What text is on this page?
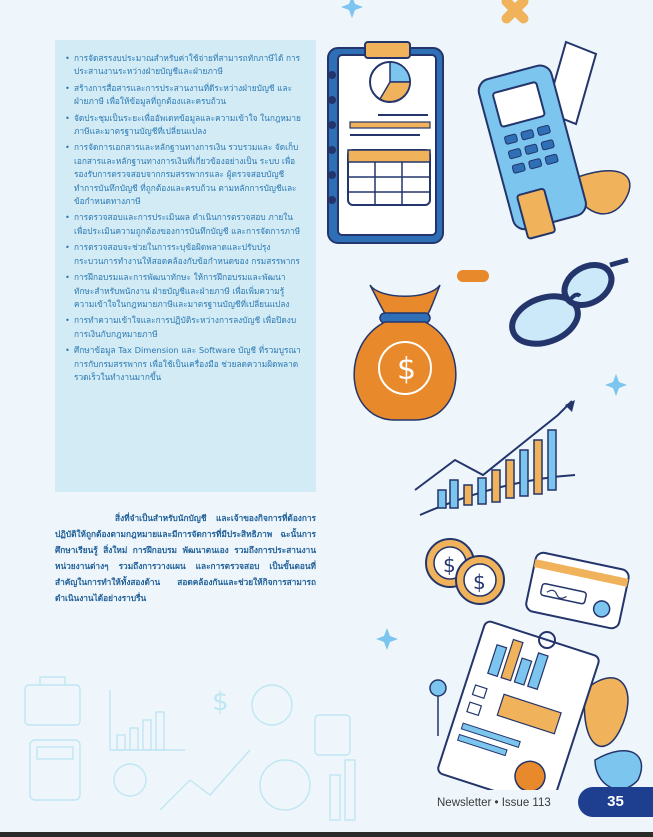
$
• การจัดสรรงบประมาณสำหรับค่าใช้จ่ายที่สามารถทักภาษีได้ การประสานงานระหว่างฝ่ายบัญชีและฝ่ายภาษี
• สร้างการสื่อสารและการประสานงานที่ดีระหว่างฝ่ายบัญชี และฝ่ายภาษี เพื่อให้ข้อมูลที่ถูกต้องและครบถ้วน
• จัดประชุมเป็นระยะเพื่ออัพเดทข้อมูลและความเข้าใจ ในกฎหมายภาษีและมาตรฐานบัญชีที่เปลี่ยนแปลง
• การจัดการเอกสารและหลักฐานทางการเงิน รวบรวมและ จัดเก็บเอกสารและหลักฐานทางการเงินที่เกี่ยวข้องอย่างเป็น ระบบ เพื่อรองรับการตรวจสอบจากกรมสรรพากรและ ผู้ตรวจสอบบัญชี ทำการบันทึกบัญชี ที่ถูกต้องและครบถ้วน ตามหลักการบัญชีและข้อกำหนดทางภาษี
• การตรวจสอบและการประเมินผล ดำเนินการตรวจสอบ ภายในเพื่อประเมินความถูกต้องของการบันทึกบัญชี และการจัดการภาษี
• การตรวจสอบจะช่วยในการระบุข้อผิดพลาดและปรับปรุง กระบวนการทำงานให้สอดคล้องกับข้อกำหนดของ กรมสรรพากร
• การฝึกอบรมและการพัฒนาทักษะ ให้การฝึกอบรมและพัฒนา ทักษะสำหรับพนักงาน ฝ่ายบัญชีและฝ่ายภาษี เพื่อเพิ่มความรู้ ความเข้าใจในกฎหมายภาษีและมาตรฐานบัญชีที่เปลี่ยนแปลง
• การทำความเข้าใจและการปฏิบัติระหว่างการลงบัญชี เพื่อปิดงบการเงินกับกฎหมายภาษี
• ศึกษาข้อมูล Tax Dimension และ Software บัญชี ที่รวมบูรณาการกับกรมสรรพากร เพื่อใช้เป็นเครื่องมือ ช่วยลดความผิดพลาด รวดเร็วในทำงานมากขึ้น

สิ่งที่จำเป็นสำหรับนักบัญชี และเจ้าของกิจการที่ต้องการปฏิบัติให้ถูกต้องตามกฎหมายและมีการจัดการที่มีประสิทธิภาพ ฉะนั้นการศึกษาเรียนรู้ สิ่งใหม่ การฝึกอบรม พัฒนาตนเอง รวมถึงการประสานงานหน่วยงานต่างๆ รวมถึงการวางแผน และการตรวจสอบ เป็นขั้นตอนที่สำคัญในการทำให้ทั้งสองด้าน สอดคล้องกันและช่วยให้กิจการสามารถดำเนินงานได้อย่างราบรื่น

$
$
$
Newsletter • Issue 113	35
